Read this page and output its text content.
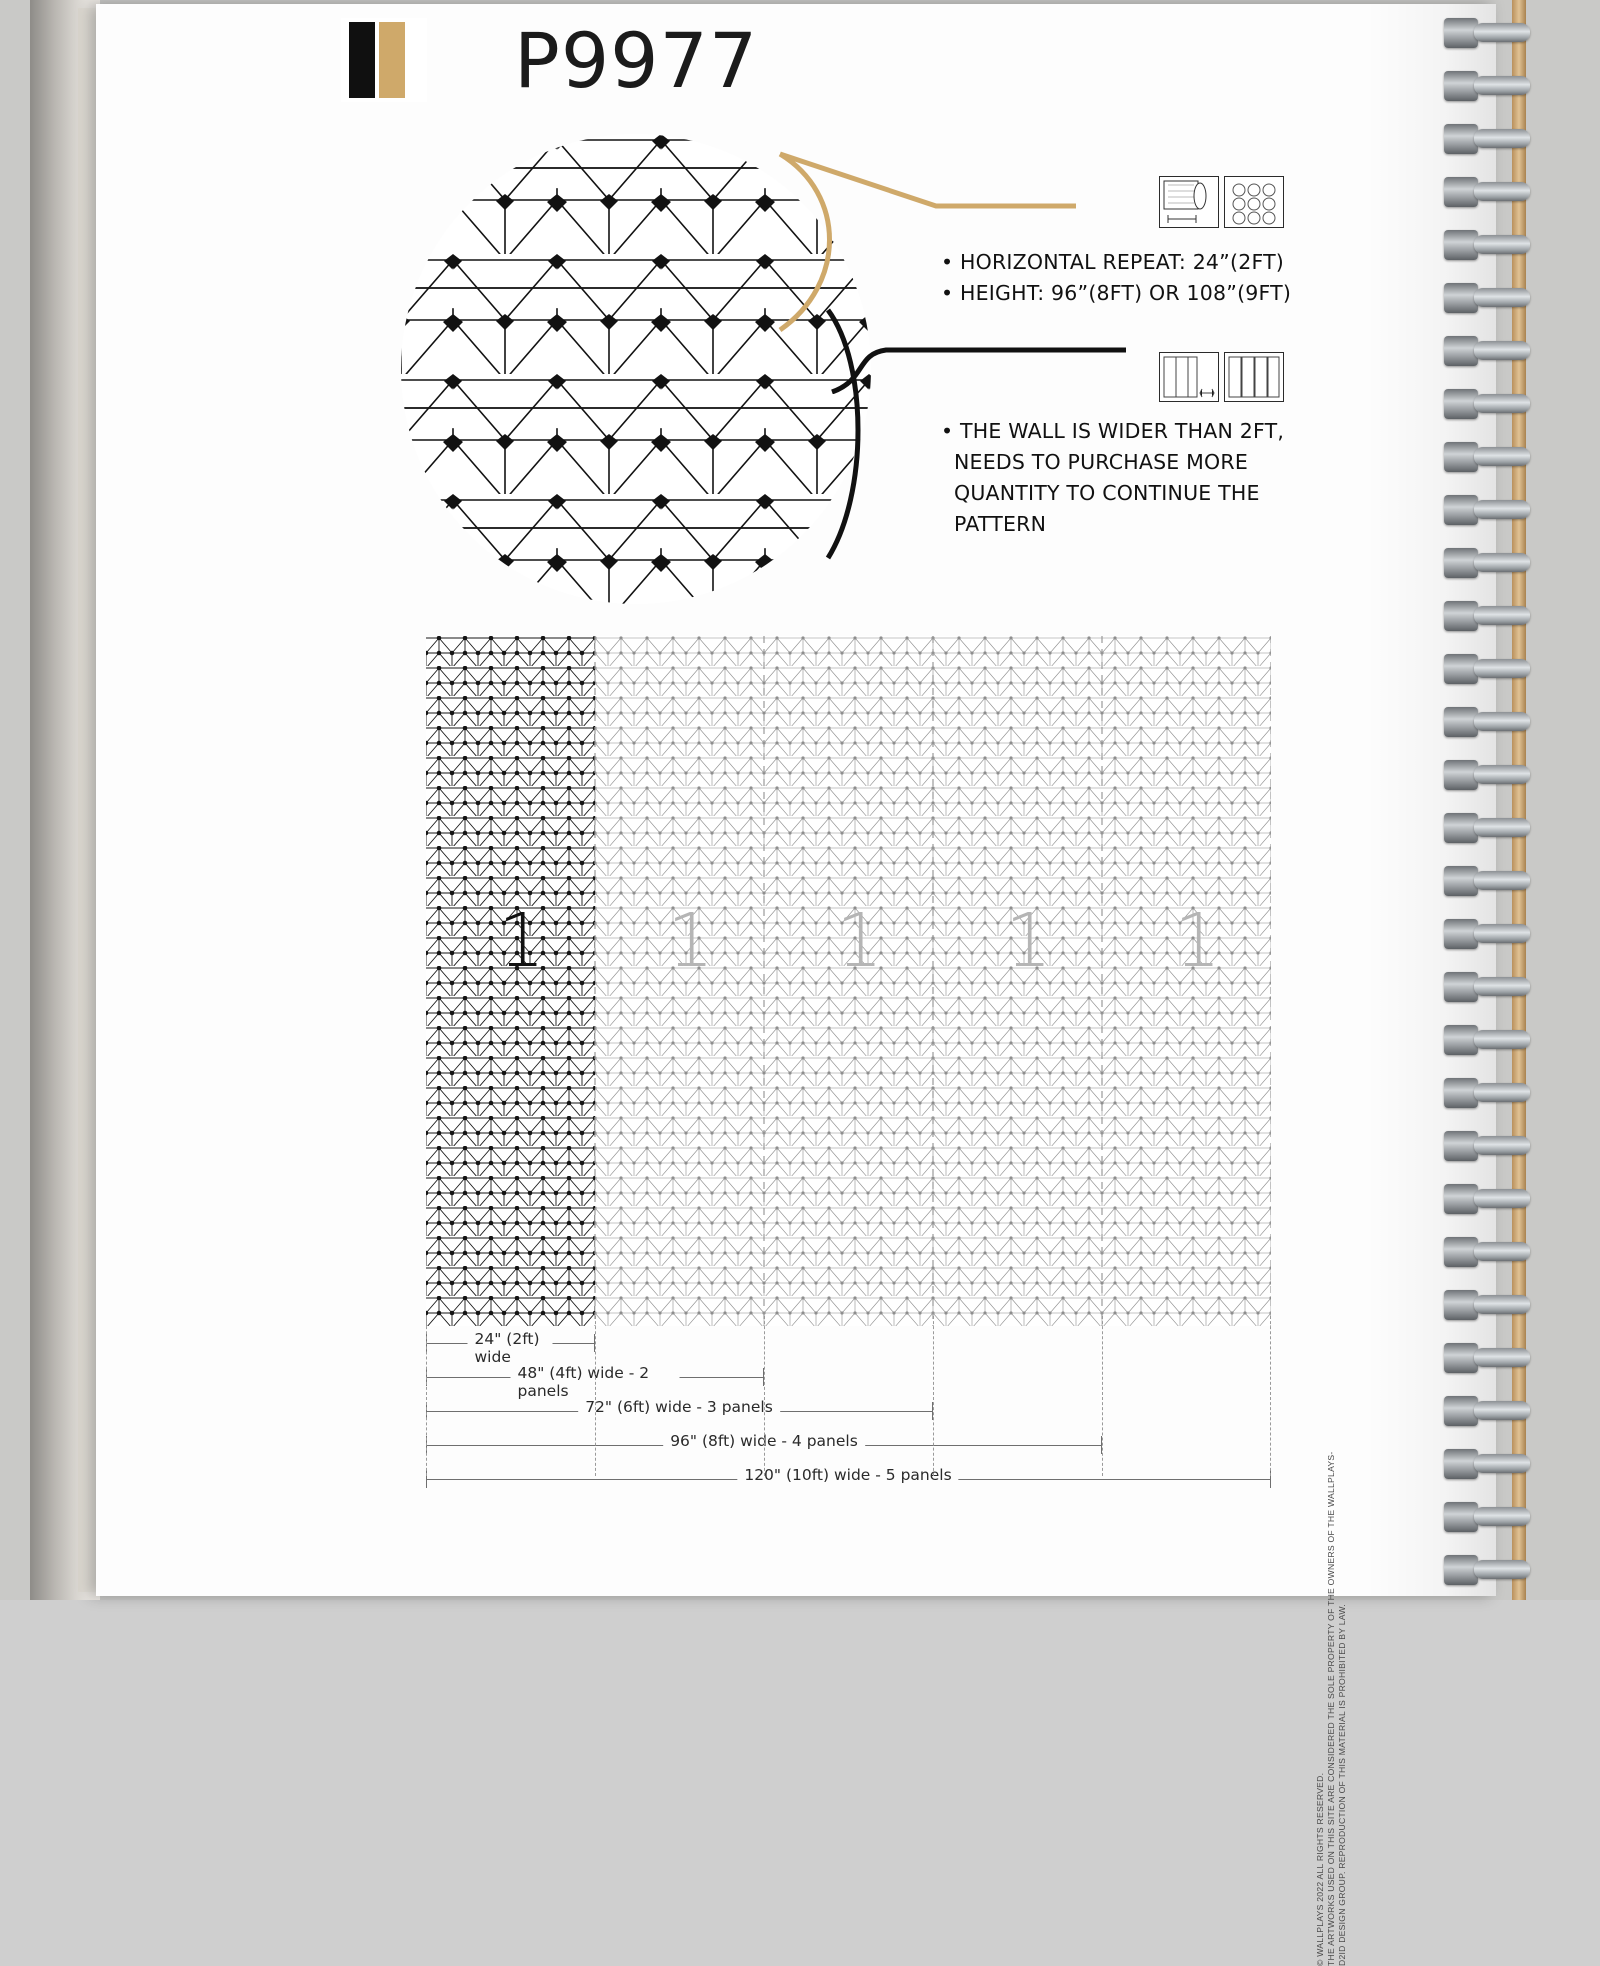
P9977
• HORIZONTAL REPEAT: 24”(2FT)
• HEIGHT: 96”(8FT) OR 108”(9FT)
• THE WALL IS WIDER THAN 2FT,
NEEDS TO PURCHASE MORE
QUANTITY TO CONTINUE THE
PATTERN
1 1 1 1 1
24" (2ft) wide
48" (4ft) wide - 2 panels
72" (6ft) wide - 3 panels
96" (8ft) wide - 4 panels
120" (10ft) wide - 5 panels
© WALLPLAYS 2022 ALL RIGHTS RESERVED. THE ARTWORKS USED ON THIS SITE ARE CONSIDERED THE SOLE PROPERTY OF THE OWNERS OF THE WALLPLAYS-D2ID DESIGN GROUP. REPRODUCTION OF THIS MATERIAL IS PROHIBITED BY LAW.
